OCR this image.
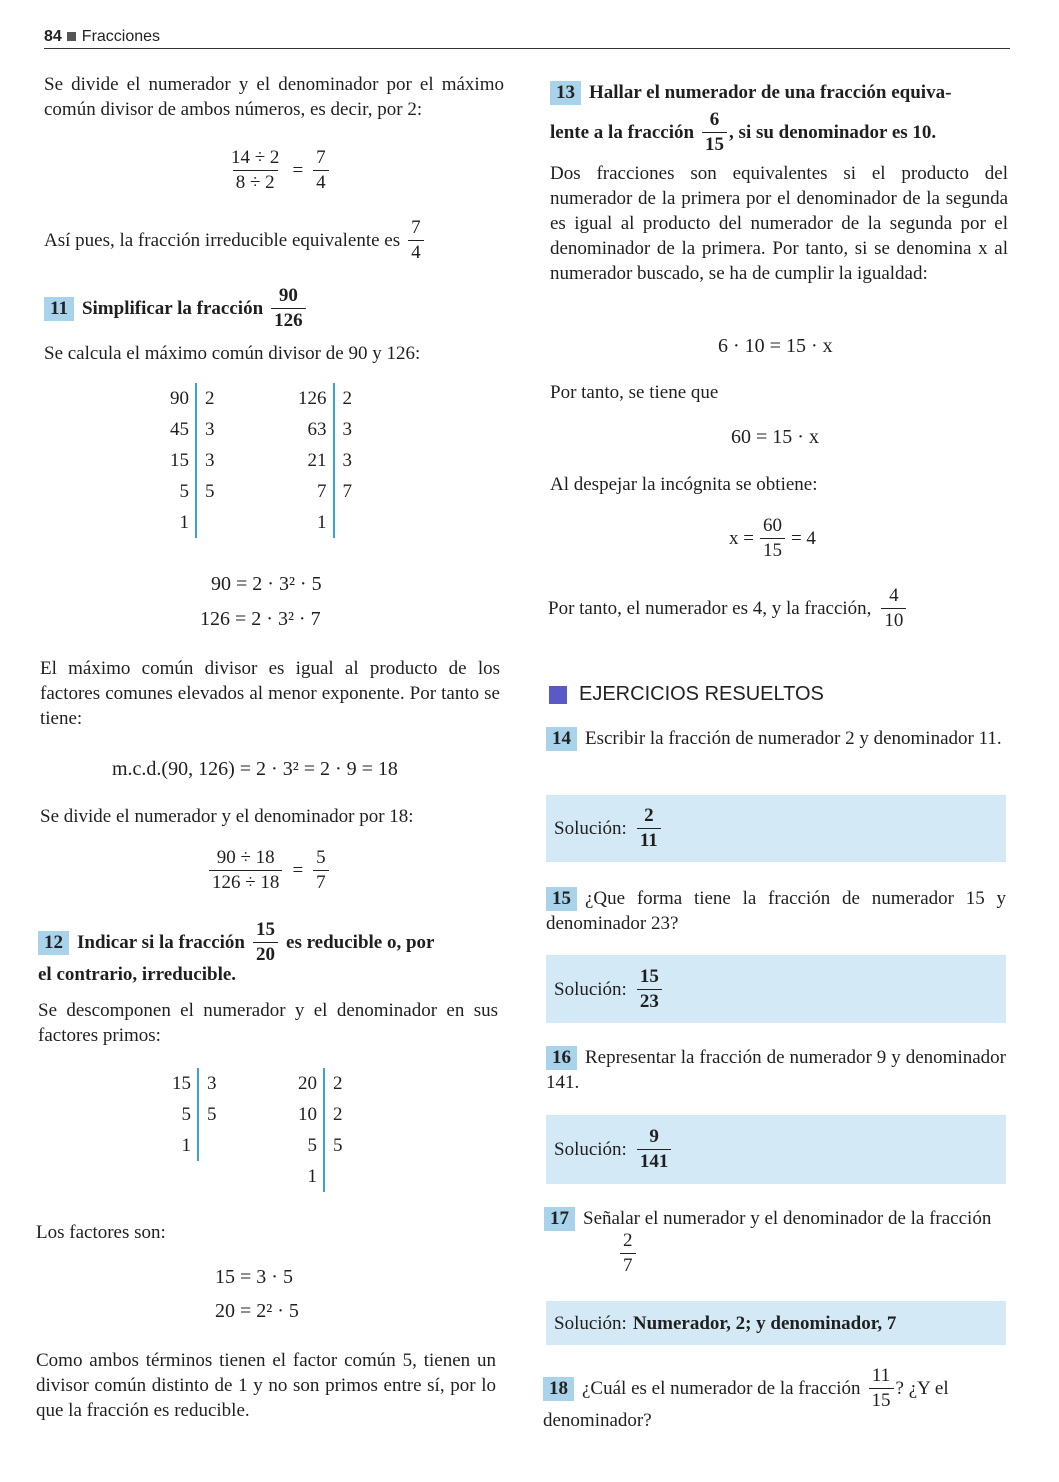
84 Fracciones

Se divide el numerador y el denominador por el máximo común divisor de ambos números, es decir, por 2:

$\frac{14 \div 2}{8 \div 2} = \frac{7}{4}$
Así pues, la fracción irreducible equivalente es $\frac{7}{4}$
11 Simplificar la fracción $\frac{90}{126}$
Se calcula el máximo común divisor de 90 y 126:
90 2
45 3
15 3
5 5
1

126 2
63 3
21 3
7 7
1

90 = 2 · 3² · 5
126 = 2 · 3² · 7

El máximo común divisor es igual al producto de los factores comunes elevados al menor exponente. Por tanto se tiene:

m.c.d.(90, 126) = 2 · 3² = 2 · 9 = 18
Se divide el numerador y el denominador por 18:
$\frac{90 \div 18}{126 \div 18} = \frac{5}{7}$
12 Indicar si la fracción $\frac{15}{20}$ es reducible o, por
el contrario, irreducible.

Se descomponen el numerador y el denominador en sus factores primos:

15 3
5 5
1

20 2
10 2
5 5
1

Los factores son:
15 = 3 · 5
20 = 2² · 5

Como ambos términos tienen el factor común 5, tienen un divisor común distinto de 1 y no son primos entre sí, por lo que la fracción es reducible.

13 Hallar el numerador de una fracción equiva-
lente a la fracción $\frac{6}{15}$ , si su denominador es 10.

Dos fracciones son equivalentes si el producto del numerador de la primera por el denominador de la segunda es igual al producto del numerador de la segunda por el denominador de la primera. Por tanto, si se denomina x al numerador buscado, se ha de cumplir la igualdad:

6 · 10 = 15 · x
Por tanto, se tiene que
60 = 15 · x
Al despejar la incógnita se obtiene:
$x = \frac{60}{15} = 4$
Por tanto, el numerador es 4, y la fracción, $\frac{4}{10}$
EJERCICIOS RESUELTOS

14 Escribir la fracción de numerador 2 y denominador 11.

Solución: $\frac{2}{11}$

15 ¿Que forma tiene la fracción de numerador 15 y denominador 23?

Solución: $\frac{15}{23}$

16 Representar la fracción de numerador 9 y denominador 141.

Solución: $\frac{9}{141}$

17 Señalar el numerador y el denominador de la fracción

$\frac{2}{7}$
Solución: Numerador, 2; y denominador, 7
18 ¿Cuál es el numerador de la fracción $\frac{11}{15}$ ? ¿Y el
denominador?
